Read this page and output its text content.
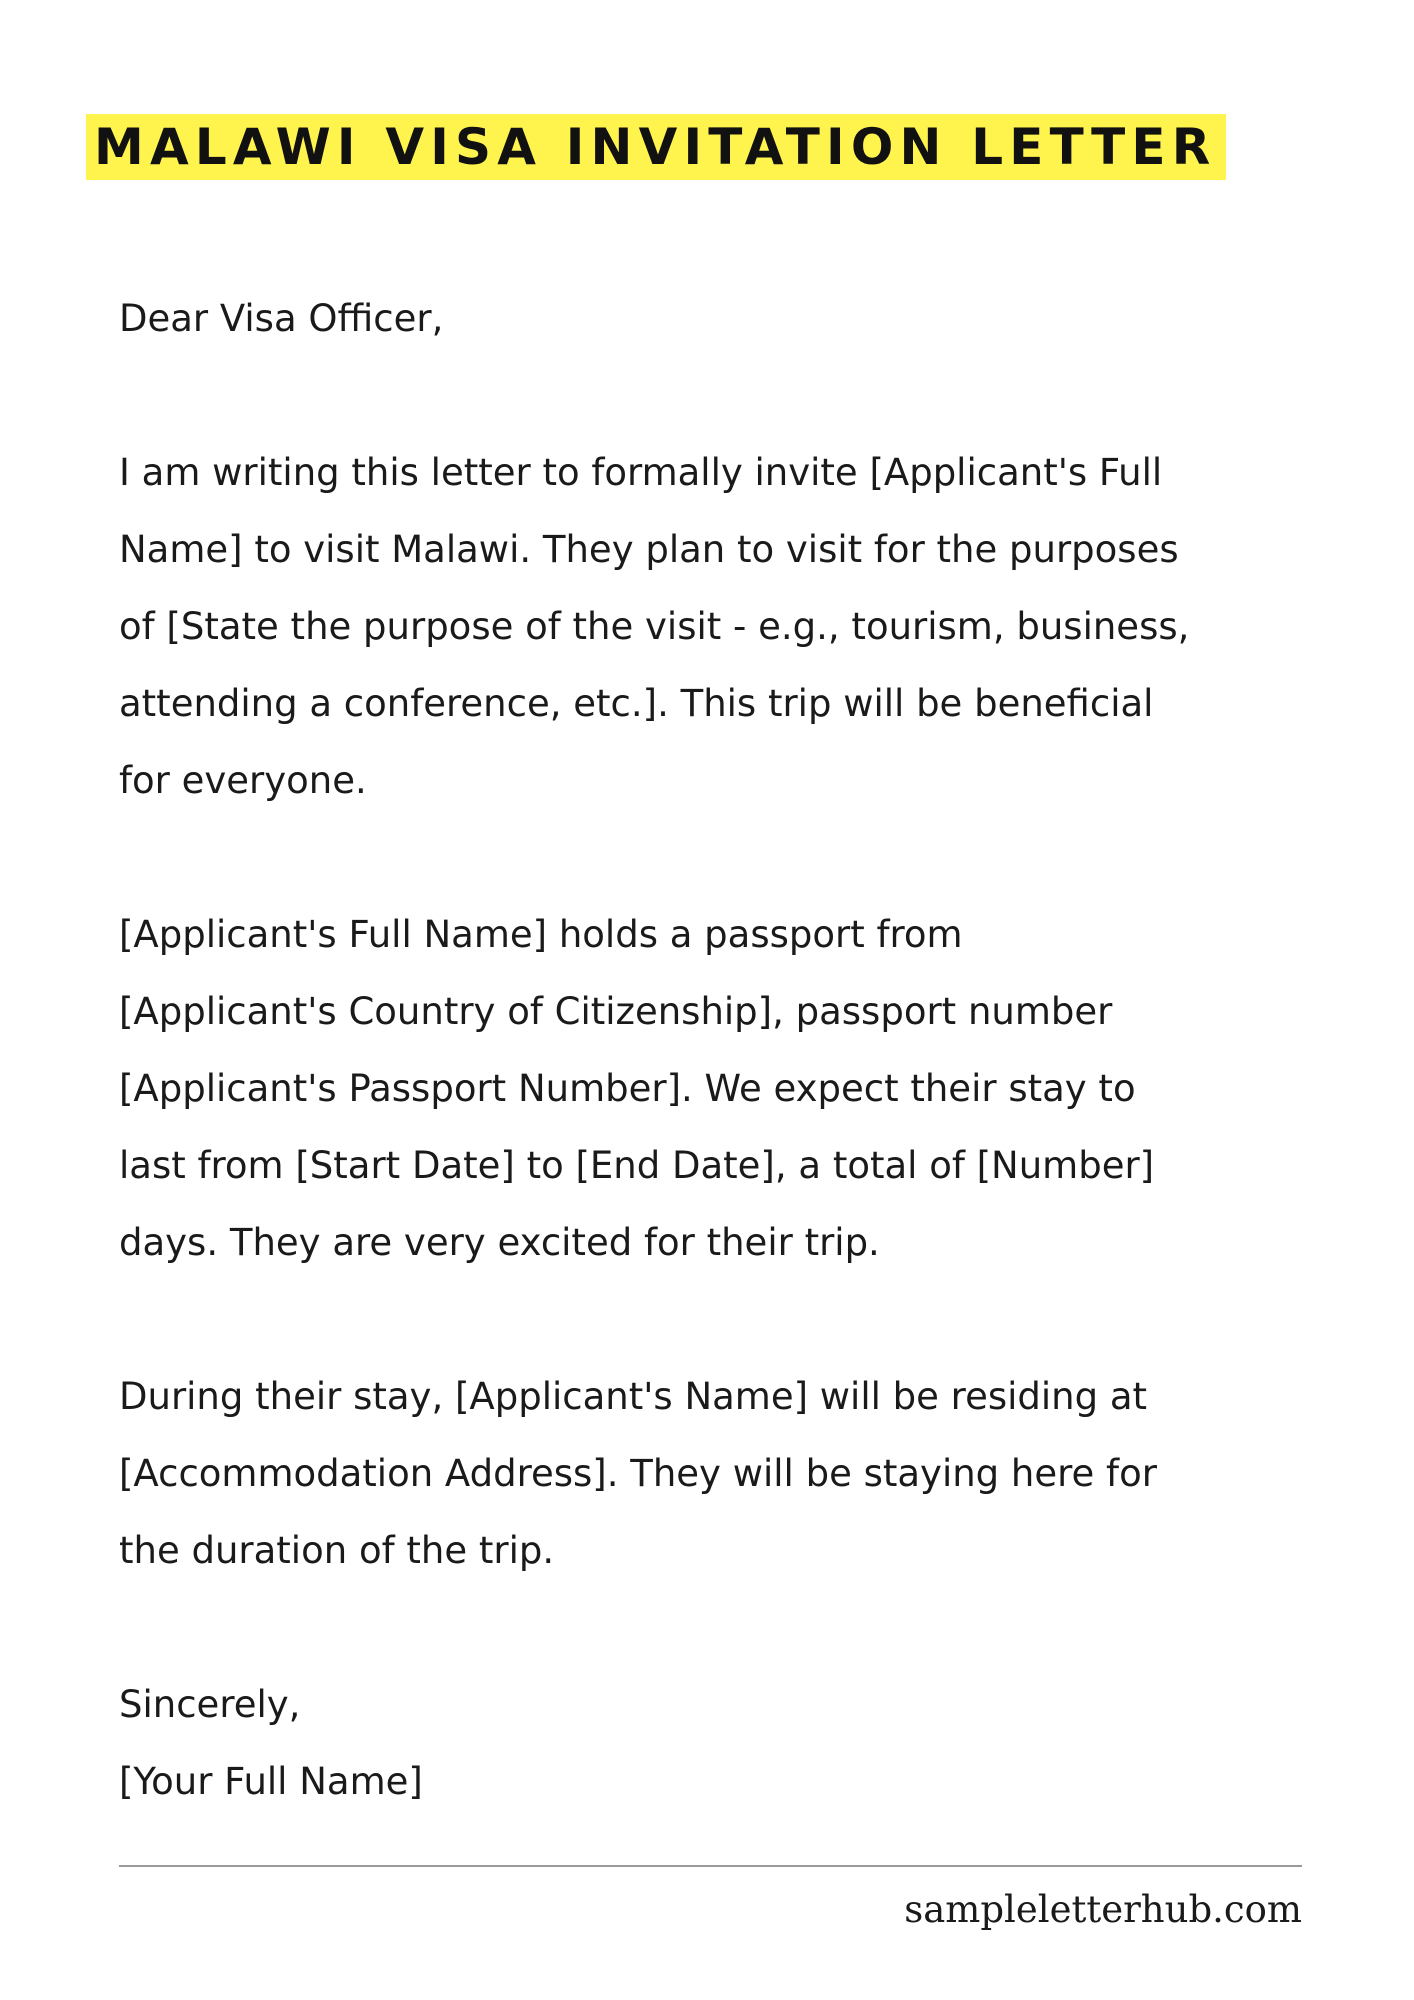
MALAWI VISA INVITATION LETTER

Dear Visa Officer,

I am writing this letter to formally invite [Applicant's Full
Name] to visit Malawi. They plan to visit for the purposes
of [State the purpose of the visit - e.g., tourism, business,
attending a conference, etc.]. This trip will be beneficial
for everyone.

[Applicant's Full Name] holds a passport from
[Applicant's Country of Citizenship], passport number
[Applicant's Passport Number]. We expect their stay to
last from [Start Date] to [End Date], a total of [Number]
days. They are very excited for their trip.

During their stay, [Applicant's Name] will be residing at
[Accommodation Address]. They will be staying here for
the duration of the trip.

Sincerely,

[Your Full Name]

sampleletterhub.com
